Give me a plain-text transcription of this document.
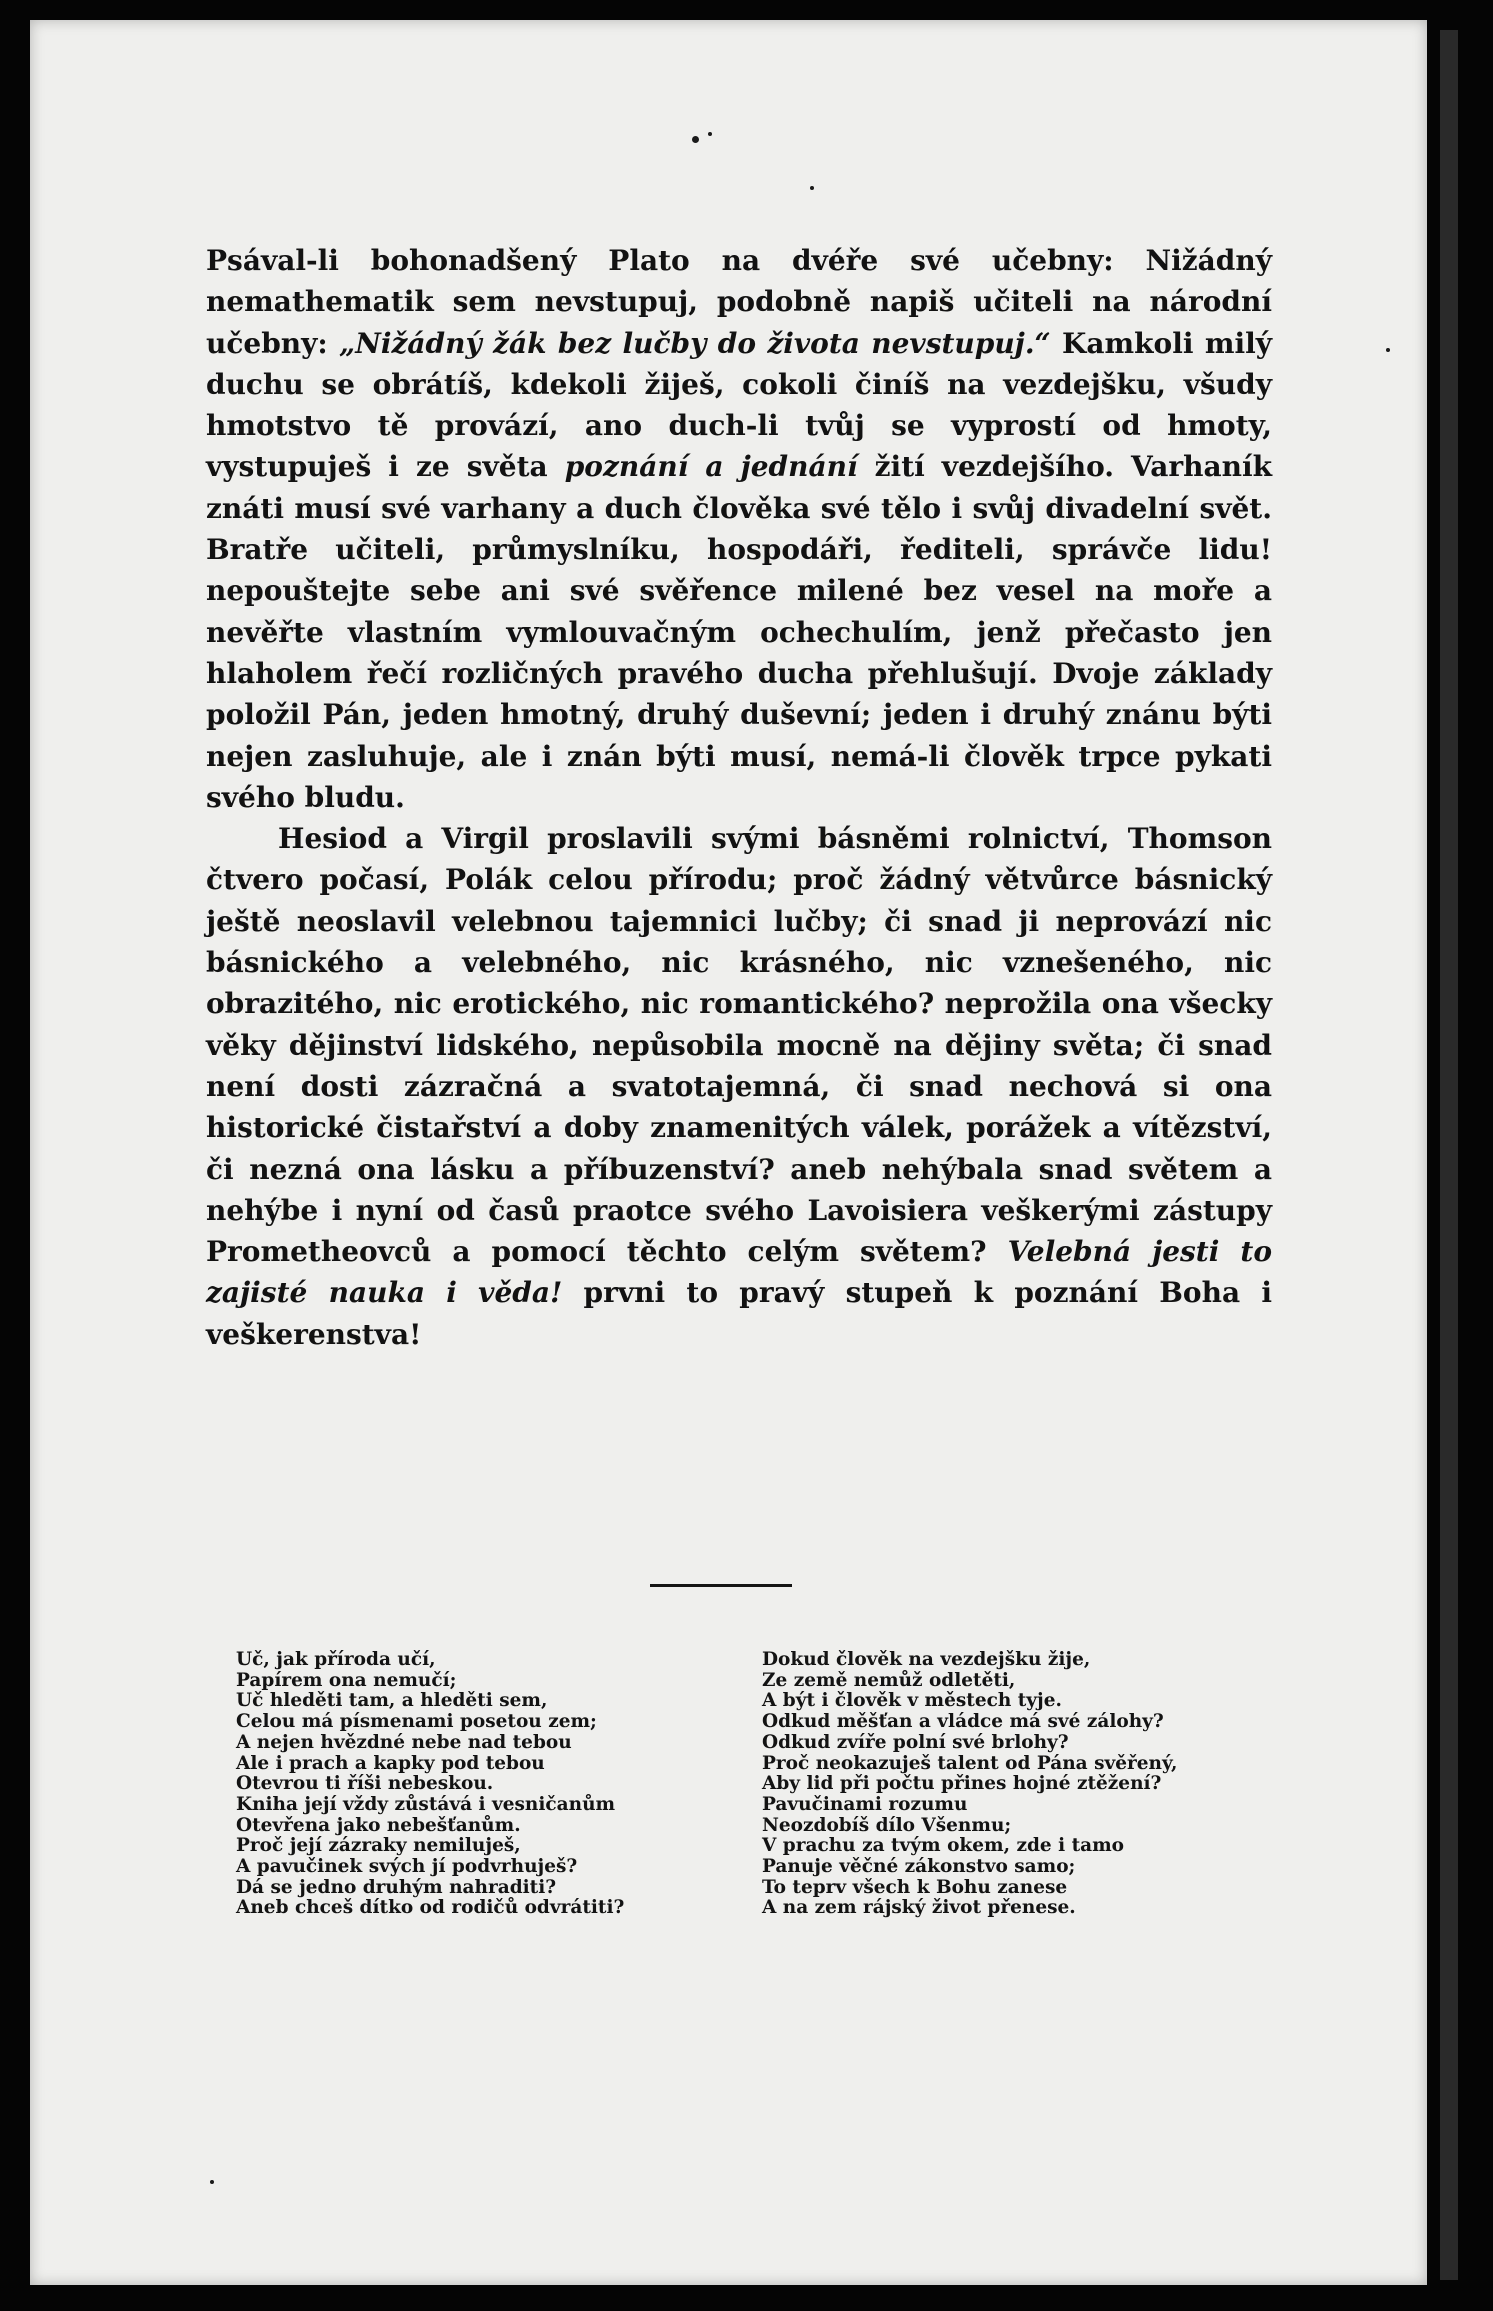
Psával-li bohonadšený Plato na dvéře své učebny: Nižádný nemathematik sem nevstupuj, podobně napiš učiteli na národní učebny: „Nižádný žák bez lučby do života nevstupuj.“ Kamkoli milý duchu se obrátíš, kdekoli žiješ, cokoli činíš na vezdejšku, všudy hmotstvo tě provází, ano duch-li tvůj se vyprostí od hmoty, vystupuješ i ze světa poznání a jednání žití vezdejšího. Varhaník znáti musí své varhany a duch člověka své tělo i svůj divadelní svět. Bratře učiteli, průmyslníku, hospodáři, řediteli, správče lidu! nepouštejte sebe ani své svěřence milené bez vesel na moře a nevěřte vlastním vymlouvačným ochechulím, jenž přečasto jen hlaholem řečí rozličných pravého ducha přehlušují. Dvoje základy položil Pán, jeden hmotný, druhý duševní; jeden i druhý znánu býti nejen zasluhuje, ale i znán býti musí, nemá-li člověk trpce pykati svého bludu.

Hesiod a Virgil proslavili svými básněmi rolnictví, Thomson čtvero počasí, Polák celou přírodu; proč žádný větvůrce básnický ještě neoslavil velebnou tajemnici lučby; či snad ji neprovází nic básnického a velebného, nic krásného, nic vznešeného, nic obrazitého, nic erotického, nic romantického? neprožila ona všecky věky dějinství lidského, nepůsobila mocně na dějiny světa; či snad není dosti zázračná a svatotajemná, či snad nechová si ona historické čistařství a doby znamenitých válek, porážek a vítězství, či nezná ona lásku a příbuzenství? aneb nehýbala snad světem a nehýbe i nyní od časů praotce svého Lavoisiera veškerými zástupy Prometheovců a pomocí těchto celým světem? Velebná jesti to zajisté nauka i věda! prvni to pravý stupeň k poznání Boha i veškerenstva!

Uč, jak příroda učí,
Papírem ona nemučí;
Uč hleděti tam, a hleděti sem,
Celou má písmenami posetou zem;
A nejen hvězdné nebe nad tebou
Ale i prach a kapky pod tebou
Otevrou ti říši nebeskou.
Kniha její vždy zůstává i vesničanům
Otevřena jako nebešťanům.
Proč její zázraky nemiluješ,
A pavučinek svých jí podvrhuješ?
Dá se jedno druhým nahraditi?
Aneb chceš dítko od rodičů odvrátiti?
Dokud člověk na vezdejšku žije,
Ze země nemůž odletěti,
A být i člověk v městech tyje.
Odkud měšťan a vládce má své zálohy?
Odkud zvíře polní své brlohy?
Proč neokazuješ talent od Pána svěřený,
Aby lid při počtu přines hojné ztěžení?
Pavučinami rozumu
Neozdobíš dílo Všenmu;
V prachu za tvým okem, zde i tamo
Panuje věčné zákonstvo samo;
To teprv všech k Bohu zanese
A na zem rájský život přenese.
